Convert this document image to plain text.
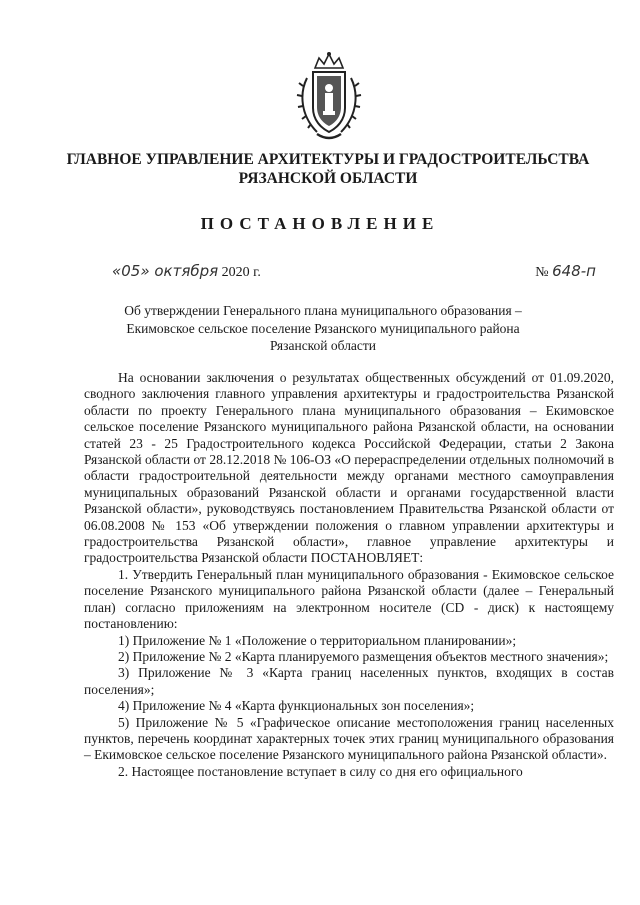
ГЛАВНОЕ УПРАВЛЕНИЕ АРХИТЕКТУРЫ И ГРАДОСТРОИТЕЛЬСТВА
РЯЗАНСКОЙ ОБЛАСТИ
ПОСТАНОВЛЕНИЕ
«05» октября 2020 г.	№ 648-п
Об утверждении Генерального плана муниципального образования –
Екимовское сельское поселение Рязанского муниципального района
Рязанской области

На основании заключения о результатах общественных обсуждений от 01.09.2020, сводного заключения главного управления архитектуры и градостроительства Рязанской области по проекту Генерального плана муниципального образования – Екимовское сельское поселение Рязанского муниципального района Рязанской области, на основании статей 23 - 25 Градостроительного кодекса Российской Федерации, статьи 2 Закона Рязанской области от 28.12.2018 № 106-ОЗ «О перераспределении отдельных полномочий в области градостроительной деятельности между органами местного самоуправления муниципальных образований Рязанской области и органами государственной власти Рязанской области», руководствуясь постановлением Правительства Рязанской области от 06.08.2008 № 153 «Об утверждении положения о главном управлении архитектуры и градостроительства Рязанской области», главное управление архитектуры и градостроительства Рязанской области ПОСТАНОВЛЯЕТ:

1. Утвердить Генеральный план муниципального образования - Екимовское сельское поселение Рязанского муниципального района Рязанской области (далее – Генеральный план) согласно приложениям на электронном носителе (CD - диск) к настоящему постановлению:

1) Приложение № 1 «Положение о территориальном планировании»;

2) Приложение № 2 «Карта планируемого размещения объектов местного значения»;

3) Приложение № 3 «Карта границ населенных пунктов, входящих в состав поселения»;

4) Приложение № 4 «Карта функциональных зон поселения»;

5) Приложение № 5 «Графическое описание местоположения границ населенных пунктов, перечень координат характерных точек этих границ муниципального образования – Екимовское сельское поселение Рязанского муниципального района Рязанской области».

2. Настоящее постановление вступает в силу со дня его официального
